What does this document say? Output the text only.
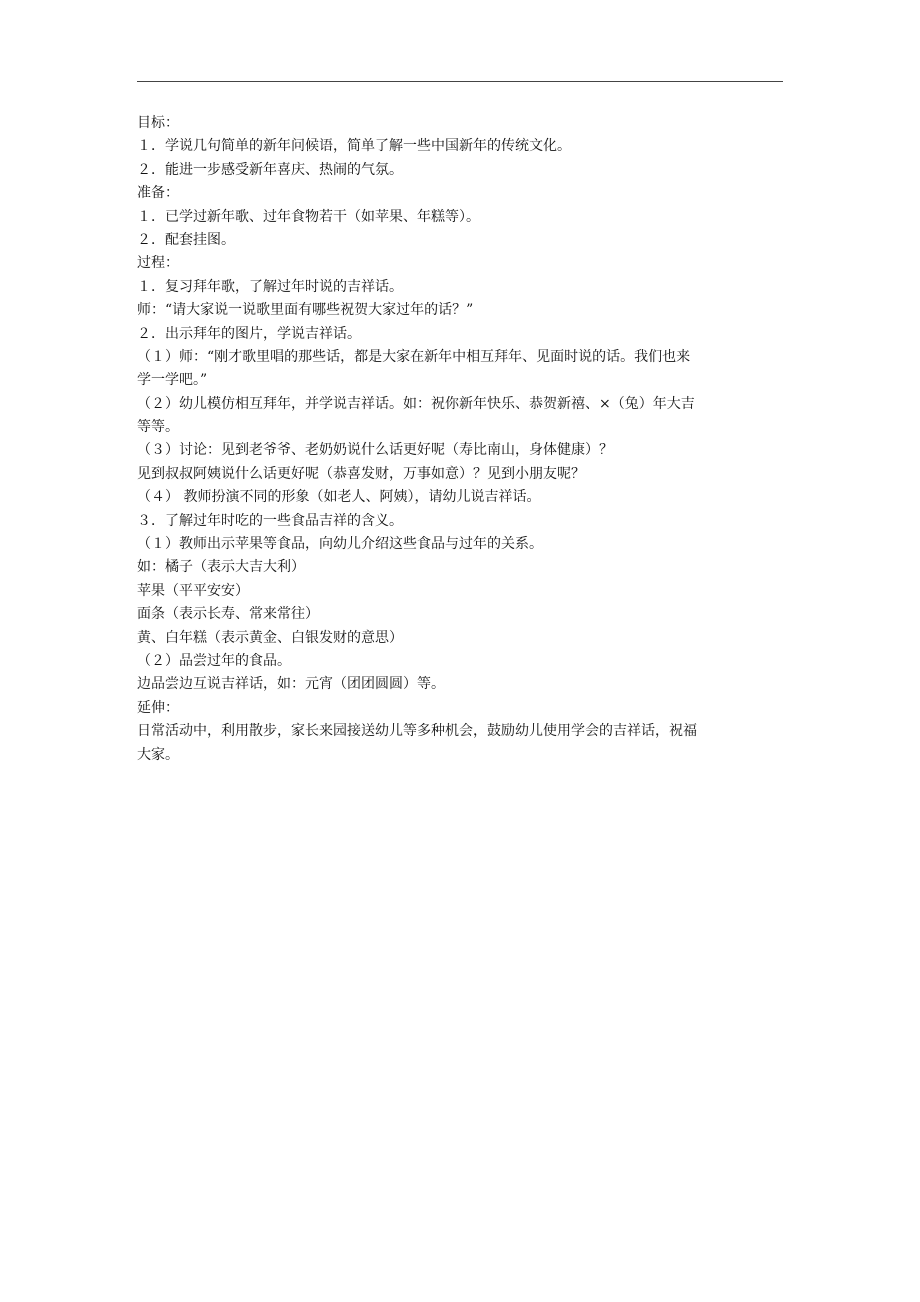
目标：
１．学说几句简单的新年问候语，简单了解一些中国新年的传统文化。
２．能进一步感受新年喜庆、热闹的气氛。
准备：
１．已学过新年歌、过年食物若干（如苹果、年糕等）。
２．配套挂图。
过程：
１．复习拜年歌，了解过年时说的吉祥话。
师：“请大家说一说歌里面有哪些祝贺大家过年的话？”
２．出示拜年的图片，学说吉祥话。
（１）师：“刚才歌里唱的那些话，都是大家在新年中相互拜年、见面时说的话。我们也来
学一学吧。”
（２）幼儿模仿相互拜年，并学说吉祥话。如：祝你新年快乐、恭贺新禧、×（兔）年大吉
等等。
（３）讨论：见到老爷爷、老奶奶说什么话更好呢（寿比南山，身体健康）？
见到叔叔阿姨说什么话更好呢（恭喜发财，万事如意）？见到小朋友呢？
（４） 教师扮演不同的形象（如老人、阿姨），请幼儿说吉祥话。
３．了解过年时吃的一些食品吉祥的含义。
（１）教师出示苹果等食品，向幼儿介绍这些食品与过年的关系。
如：橘子（表示大吉大利）
苹果（平平安安）
面条（表示长寿、常来常往）
黄、白年糕（表示黄金、白银发财的意思）
（２）品尝过年的食品。
边品尝边互说吉祥话，如：元宵（团团圆圆）等。
延伸：
日常活动中，利用散步，家长来园接送幼儿等多种机会，鼓励幼儿使用学会的吉祥话，祝福
大家。
